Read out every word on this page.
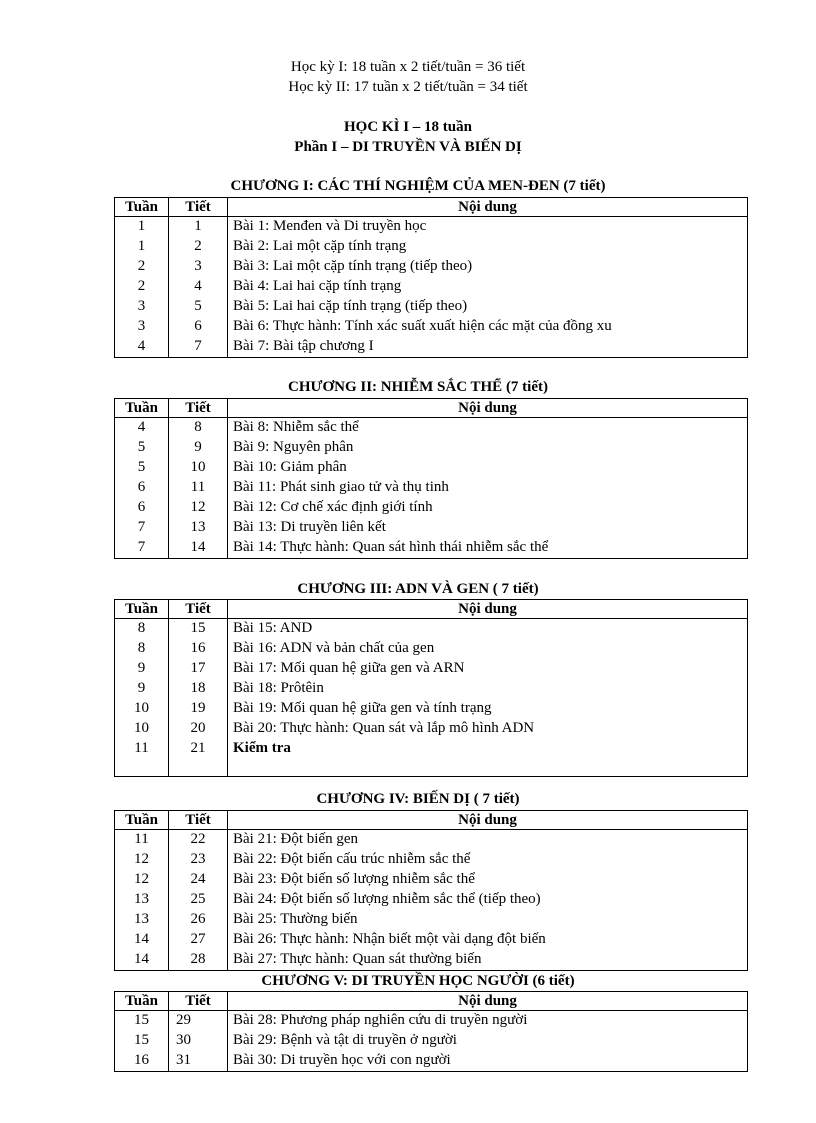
Học kỳ I: 18 tuần x 2 tiết/tuần = 36 tiết
Học kỳ II: 17 tuần x 2 tiết/tuần = 34 tiết
HỌC KÌ I – 18 tuần
Phần I – DI TRUYỀN VÀ BIẾN DỊ
CHƯƠNG I: CÁC THÍ NGHIỆM CỦA MEN-ĐEN (7 tiết)
Tuần	Tiết	Nội dung
1	1	Bài 1: Menđen và Di truyền học
1	2	Bài 2: Lai một cặp tính trạng
2	3	Bài 3: Lai một cặp tính trạng (tiếp theo)
2	4	Bài 4: Lai hai cặp tính trạng
3	5	Bài 5: Lai hai cặp tính trạng (tiếp theo)
3	6	Bài 6: Thực hành: Tính xác suất xuất hiện các mặt của đồng xu
4	7	Bài 7: Bài tập chương I
CHƯƠNG II: NHIỄM SẮC THỂ (7 tiết)
Tuần	Tiết	Nội dung
4	8	Bài 8: Nhiễm sắc thể
5	9	Bài 9: Nguyên phân
5	10	Bài 10: Giảm phân
6	11	Bài 11: Phát sinh giao tử và thụ tinh
6	12	Bài 12: Cơ chế xác định giới tính
7	13	Bài 13: Di truyền liên kết
7	14	Bài 14: Thực hành: Quan sát hình thái nhiễm sắc thể
CHƯƠNG III: ADN VÀ GEN ( 7 tiết)
Tuần	Tiết	Nội dung
8	15	Bài 15: AND
8	16	Bài 16: ADN và bản chất của gen
9	17	Bài 17: Mối quan hệ giữa gen và ARN
9	18	Bài 18: Prôtêin
10	19	Bài 19: Mối quan hệ giữa gen và tính trạng
10	20	Bài 20: Thực hành: Quan sát và lắp mô hình ADN
11	21	Kiểm tra

CHƯƠNG IV: BIẾN DỊ ( 7 tiết)
Tuần	Tiết	Nội dung
11	22	Bài 21: Đột biến gen
12	23	Bài 22: Đột biến cấu trúc nhiễm sắc thể
12	24	Bài 23: Đột biến số lượng nhiễm sắc thể
13	25	Bài 24: Đột biến số lượng nhiễm sắc thể (tiếp theo)
13	26	Bài 25: Thường biến
14	27	Bài 26: Thực hành: Nhận biết một vài dạng đột biến
14	28	Bài 27: Thực hành: Quan sát thường biến
CHƯƠNG V: DI TRUYỀN HỌC NGƯỜI (6 tiết)
Tuần	Tiết	Nội dung
15	29	Bài 28: Phương pháp nghiên cứu di truyền người
15	30	Bài 29: Bệnh và tật di truyền ở người
16	31	Bài 30: Di truyền học với con người
